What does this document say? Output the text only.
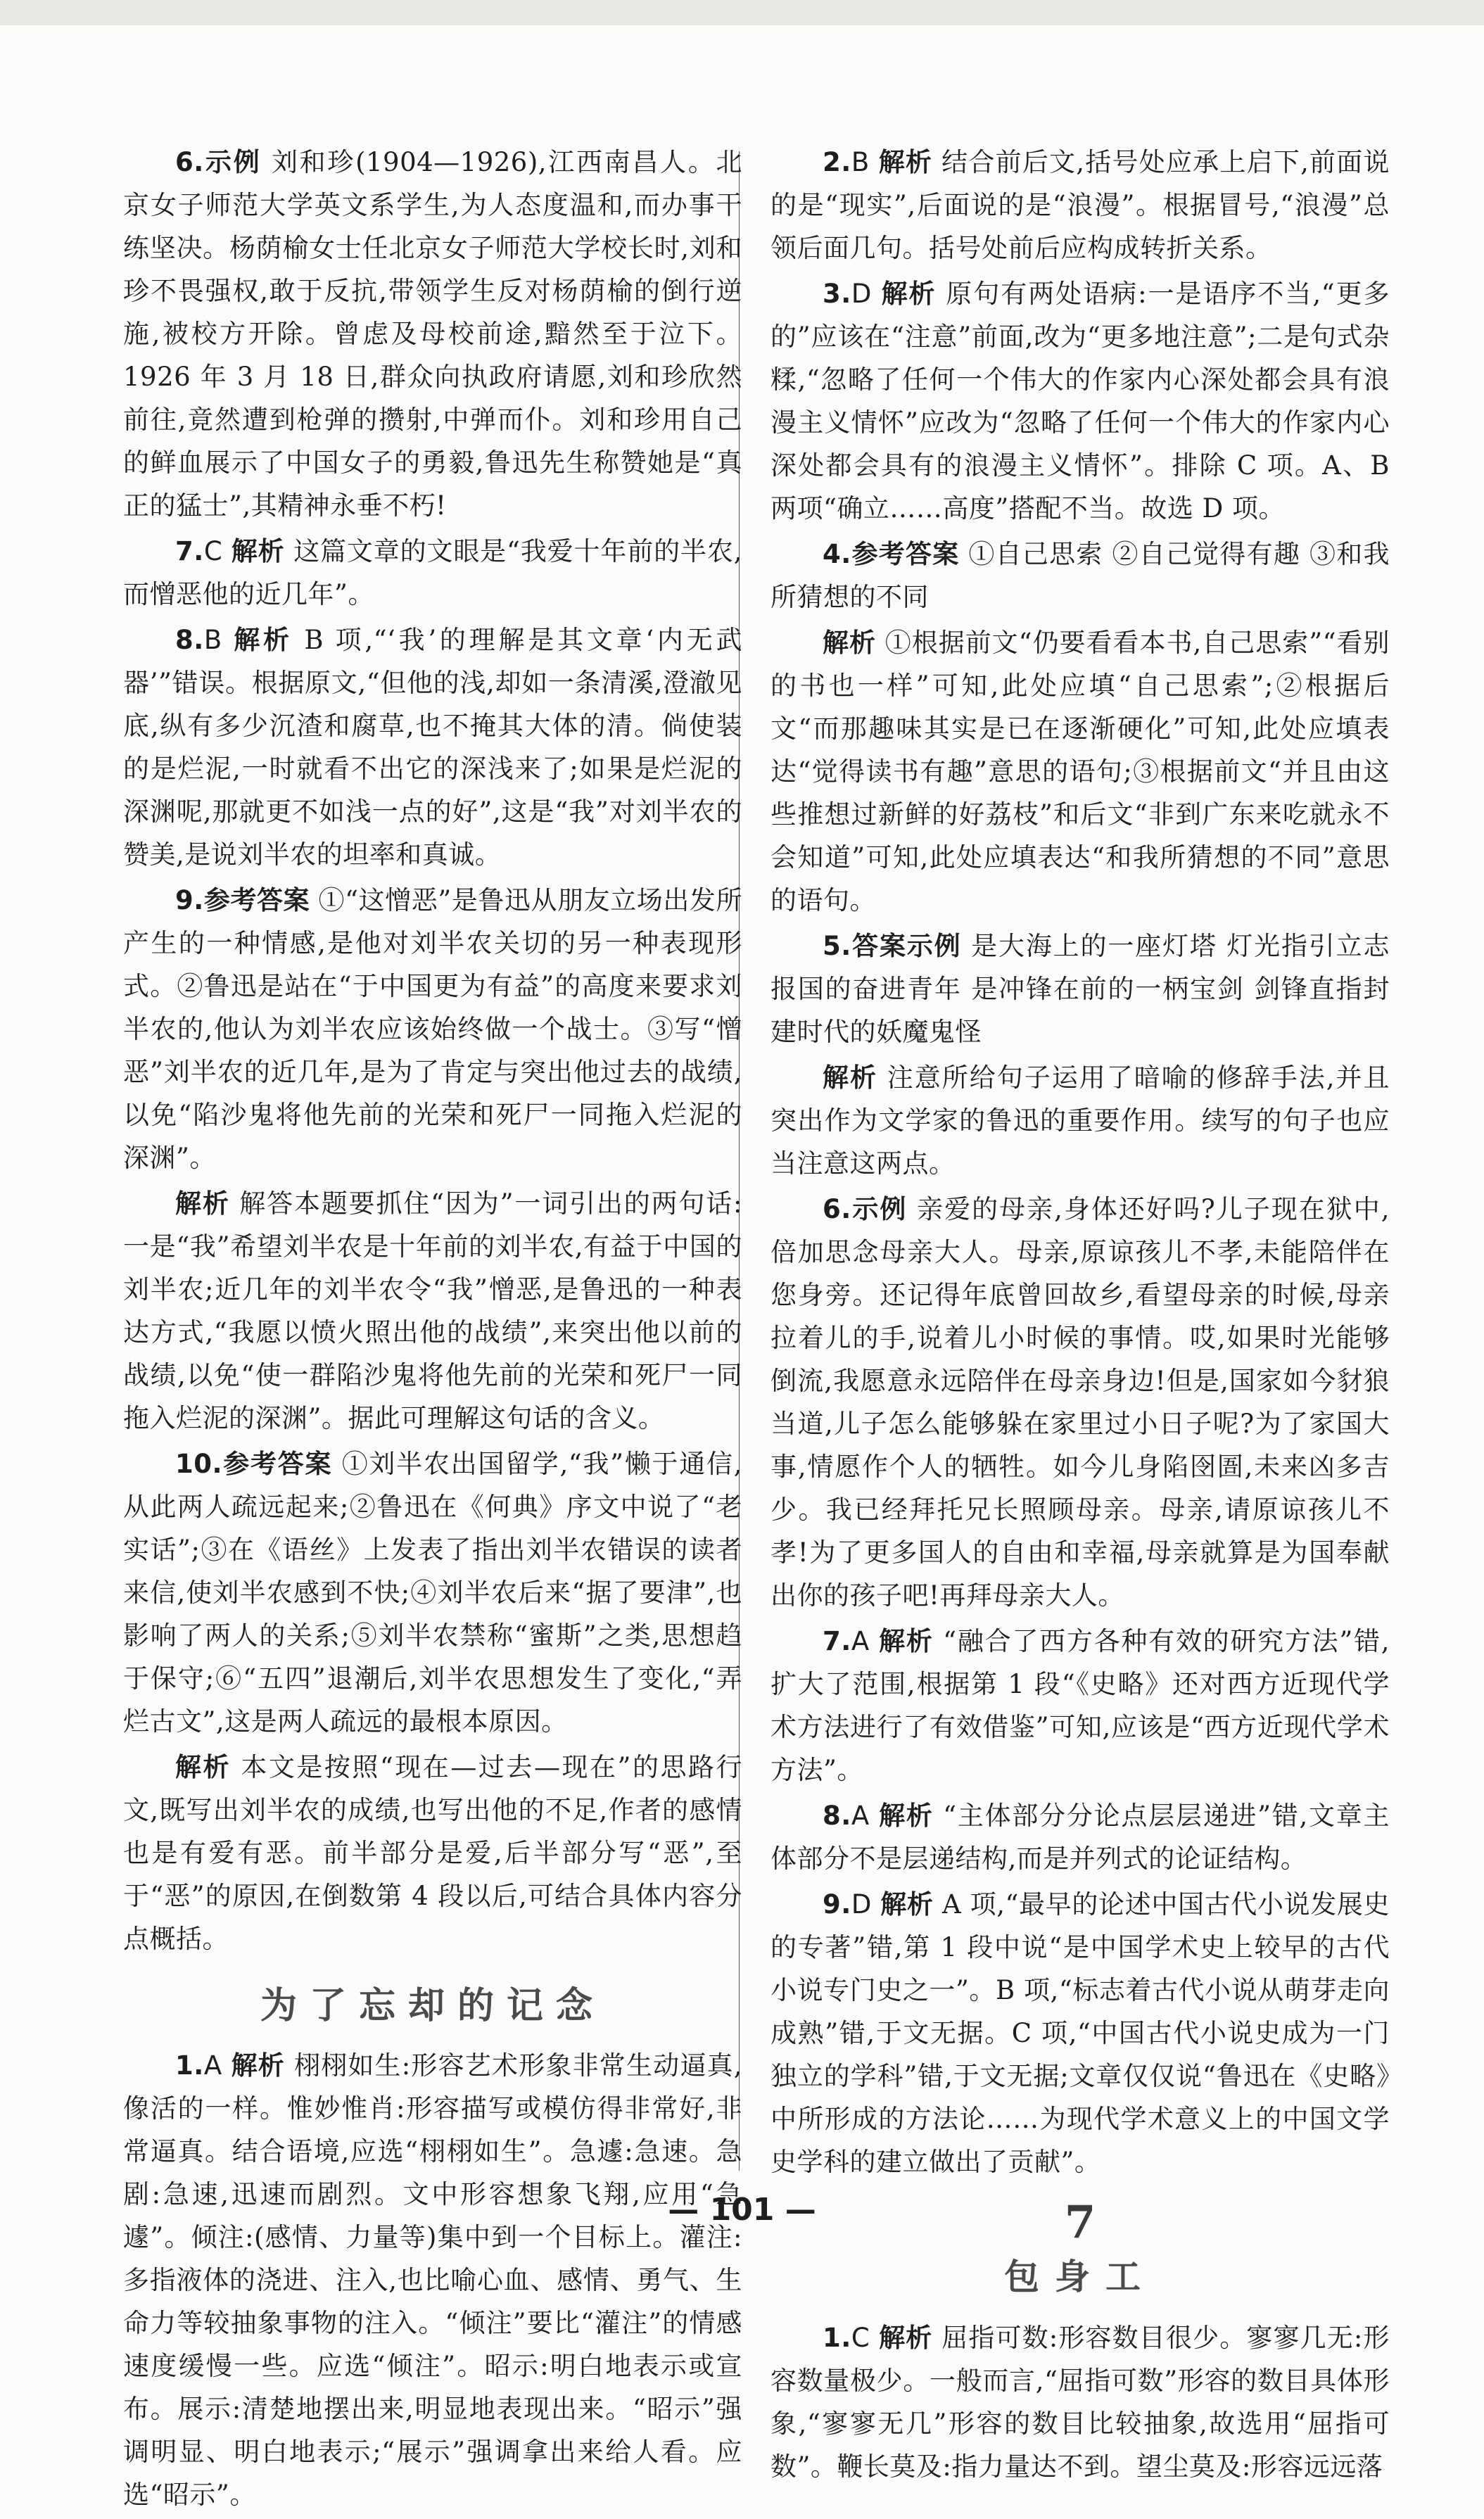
6.示例 刘和珍(1904—1926),江西南昌人。北京女子师范大学英文系学生,为人态度温和,而办事干练坚决。杨荫榆女士任北京女子师范大学校长时,刘和珍不畏强权,敢于反抗,带领学生反对杨荫榆的倒行逆施,被校方开除。曾虑及母校前途,黯然至于泣下。1926 年 3 月 18 日,群众向执政府请愿,刘和珍欣然前往,竟然遭到枪弹的攒射,中弹而仆。刘和珍用自己的鲜血展示了中国女子的勇毅,鲁迅先生称赞她是“真正的猛士”,其精神永垂不朽!

7.C 解析 这篇文章的文眼是“我爱十年前的半农,而憎恶他的近几年”。

8.B 解析 B 项,“‘我’的理解是其文章‘内无武器’”错误。根据原文,“但他的浅,却如一条清溪,澄澈见底,纵有多少沉渣和腐草,也不掩其大体的清。倘使装的是烂泥,一时就看不出它的深浅来了;如果是烂泥的深渊呢,那就更不如浅一点的好”,这是“我”对刘半农的赞美,是说刘半农的坦率和真诚。

9.参考答案 ①“这憎恶”是鲁迅从朋友立场出发所产生的一种情感,是他对刘半农关切的另一种表现形式。②鲁迅是站在“于中国更为有益”的高度来要求刘半农的,他认为刘半农应该始终做一个战士。③写“憎恶”刘半农的近几年,是为了肯定与突出他过去的战绩,以免“陷沙鬼将他先前的光荣和死尸一同拖入烂泥的深渊”。

解析 解答本题要抓住“因为”一词引出的两句话:一是“我”希望刘半农是十年前的刘半农,有益于中国的刘半农;近几年的刘半农令“我”憎恶,是鲁迅的一种表达方式,“我愿以愤火照出他的战绩”,来突出他以前的战绩,以免“使一群陷沙鬼将他先前的光荣和死尸一同拖入烂泥的深渊”。据此可理解这句话的含义。

10.参考答案 ①刘半农出国留学,“我”懒于通信,从此两人疏远起来;②鲁迅在《何典》序文中说了“老实话”;③在《语丝》上发表了指出刘半农错误的读者来信,使刘半农感到不快;④刘半农后来“据了要津”,也影响了两人的关系;⑤刘半农禁称“蜜斯”之类,思想趋于保守;⑥“五四”退潮后,刘半农思想发生了变化,“弄烂古文”,这是两人疏远的最根本原因。

解析 本文是按照“现在—过去—现在”的思路行文,既写出刘半农的成绩,也写出他的不足,作者的感情也是有爱有恶。前半部分是爱,后半部分写“恶”,至于“恶”的原因,在倒数第 4 段以后,可结合具体内容分点概括。

为了忘却的记念

1.A 解析 栩栩如生:形容艺术形象非常生动逼真,像活的一样。惟妙惟肖:形容描写或模仿得非常好,非常逼真。结合语境,应选“栩栩如生”。急遽:急速。急剧:急速,迅速而剧烈。文中形容想象飞翔,应用“急遽”。倾注:(感情、力量等)集中到一个目标上。灌注:多指液体的浇进、注入,也比喻心血、感情、勇气、生命力等较抽象事物的注入。“倾注”要比“灌注”的情感速度缓慢一些。应选“倾注”。昭示:明白地表示或宣布。展示:清楚地摆出来,明显地表现出来。“昭示”强调明显、明白地表示;“展示”强调拿出来给人看。应选“昭示”。

2.B 解析 结合前后文,括号处应承上启下,前面说的是“现实”,后面说的是“浪漫”。根据冒号,“浪漫”总领后面几句。括号处前后应构成转折关系。

3.D 解析 原句有两处语病:一是语序不当,“更多的”应该在“注意”前面,改为“更多地注意”;二是句式杂糅,“忽略了任何一个伟大的作家内心深处都会具有浪漫主义情怀”应改为“忽略了任何一个伟大的作家内心深处都会具有的浪漫主义情怀”。排除 C 项。A、B 两项“确立……高度”搭配不当。故选 D 项。

4.参考答案 ①自己思索 ②自己觉得有趣 ③和我所猜想的不同

解析 ①根据前文“仍要看看本书,自己思索”“看别的书也一样”可知,此处应填“自己思索”;②根据后文“而那趣味其实是已在逐渐硬化”可知,此处应填表达“觉得读书有趣”意思的语句;③根据前文“并且由这些推想过新鲜的好荔枝”和后文“非到广东来吃就永不会知道”可知,此处应填表达“和我所猜想的不同”意思的语句。

5.答案示例 是大海上的一座灯塔 灯光指引立志报国的奋进青年 是冲锋在前的一柄宝剑 剑锋直指封建时代的妖魔鬼怪

解析 注意所给句子运用了暗喻的修辞手法,并且突出作为文学家的鲁迅的重要作用。续写的句子也应当注意这两点。

6.示例 亲爱的母亲,身体还好吗?儿子现在狱中,倍加思念母亲大人。母亲,原谅孩儿不孝,未能陪伴在您身旁。还记得年底曾回故乡,看望母亲的时候,母亲拉着儿的手,说着儿小时候的事情。哎,如果时光能够倒流,我愿意永远陪伴在母亲身边!但是,国家如今豺狼当道,儿子怎么能够躲在家里过小日子呢?为了家国大事,情愿作个人的牺牲。如今儿身陷囹圄,未来凶多吉少。我已经拜托兄长照顾母亲。母亲,请原谅孩儿不孝!为了更多国人的自由和幸福,母亲就算是为国奉献出你的孩子吧!再拜母亲大人。

7.A 解析 “融合了西方各种有效的研究方法”错,扩大了范围,根据第 1 段“《史略》还对西方近现代学术方法进行了有效借鉴”可知,应该是“西方近现代学术方法”。

8.A 解析 “主体部分分论点层层递进”错,文章主体部分不是层递结构,而是并列式的论证结构。

9.D 解析 A 项,“最早的论述中国古代小说发展史的专著”错,第 1 段中说“是中国学术史上较早的古代小说专门史之一”。B 项,“标志着古代小说从萌芽走向成熟”错,于文无据。C 项,“中国古代小说史成为一门独立的学科”错,于文无据;文章仅仅说“鲁迅在《史略》中所形成的方法论……为现代学术意义上的中国文学史学科的建立做出了贡献”。

7
包身工

1.C 解析 屈指可数:形容数目很少。寥寥几无:形容数量极少。一般而言,“屈指可数”形容的数目具体形象,“寥寥无几”形容的数目比较抽象,故选用“屈指可数”。鞭长莫及:指力量达不到。望尘莫及:形容远远落

— 101 —
